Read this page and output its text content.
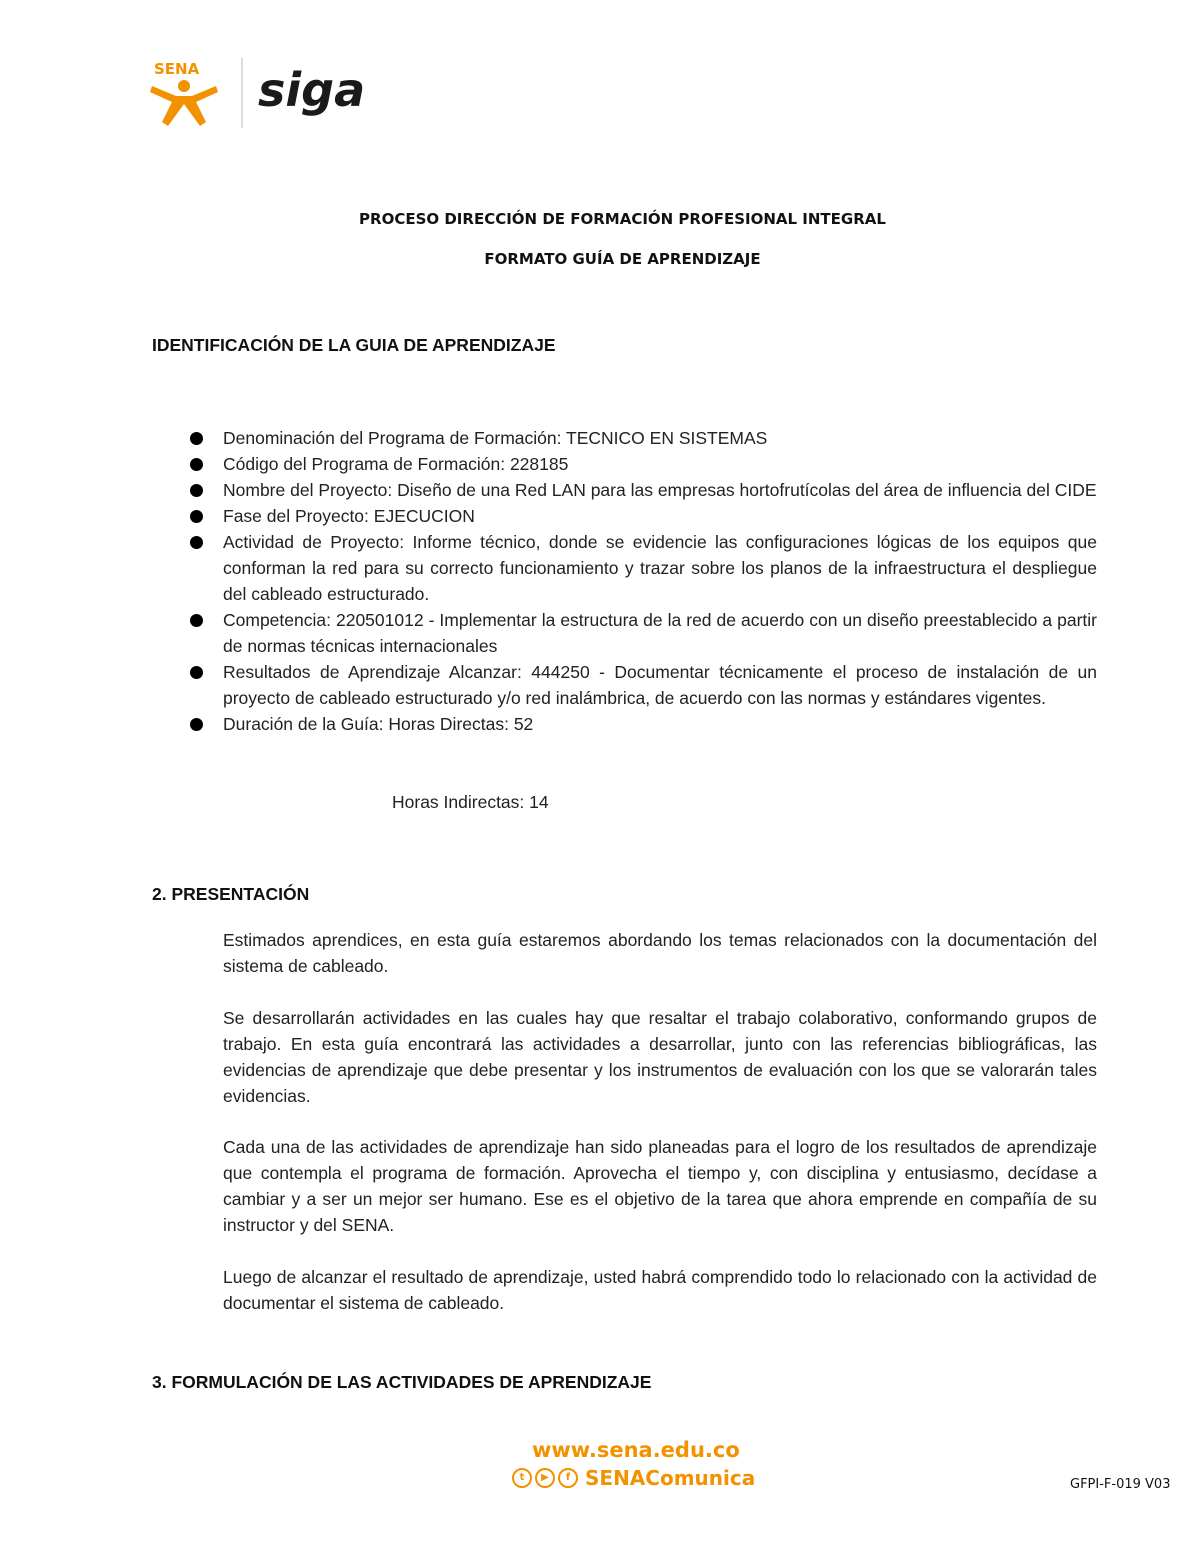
SENA siga
PROCESO DIRECCIÓN DE FORMACIÓN PROFESIONAL INTEGRAL
FORMATO GUÍA DE APRENDIZAJE
IDENTIFICACIÓN DE LA GUIA DE APRENDIZAJE
Denominación del Programa de Formación: TECNICO EN SISTEMAS
Código del Programa de Formación: 228185
Nombre del Proyecto: Diseño de una Red LAN para las empresas hortofrutícolas del área de influencia del CIDE
Fase del Proyecto: EJECUCION
Actividad de Proyecto: Informe técnico, donde se evidencie las configuraciones lógicas de los equipos que conforman la red para su correcto funcionamiento y trazar sobre los planos de la infraestructura el despliegue del cableado estructurado.
Competencia: 220501012 - Implementar la estructura de la red de acuerdo con un diseño preestablecido a partir de normas técnicas internacionales
Resultados de Aprendizaje Alcanzar: 444250 - Documentar técnicamente el proceso de instalación de un proyecto de cableado estructurado y/o red inalámbrica, de acuerdo con las normas y estándares vigentes.
Duración de la Guía: Horas Directas: 52
Horas Indirectas: 14
2. PRESENTACIÓN

Estimados aprendices, en esta guía estaremos abordando los temas relacionados con la documentación del sistema de cableado.

Se desarrollarán actividades en las cuales hay que resaltar el trabajo colaborativo, conformando grupos de trabajo. En esta guía encontrará las actividades a desarrollar, junto con las referencias bibliográficas, las evidencias de aprendizaje que debe presentar y los instrumentos de evaluación con los que se valorarán tales evidencias.

Cada una de las actividades de aprendizaje han sido planeadas para el logro de los resultados de aprendizaje que contempla el programa de formación. Aprovecha el tiempo y, con disciplina y entusiasmo, decídase a cambiar y a ser un mejor ser humano. Ese es el objetivo de la tarea que ahora emprende en compañía de su instructor y del SENA.

Luego de alcanzar el resultado de aprendizaje, usted habrá comprendido todo lo relacionado con la actividad de documentar el sistema de cableado.

3. FORMULACIÓN DE LAS ACTIVIDADES DE APRENDIZAJE
www.sena.edu.co
t	▶	f SENAComunica	GFPI-F-019 V03
